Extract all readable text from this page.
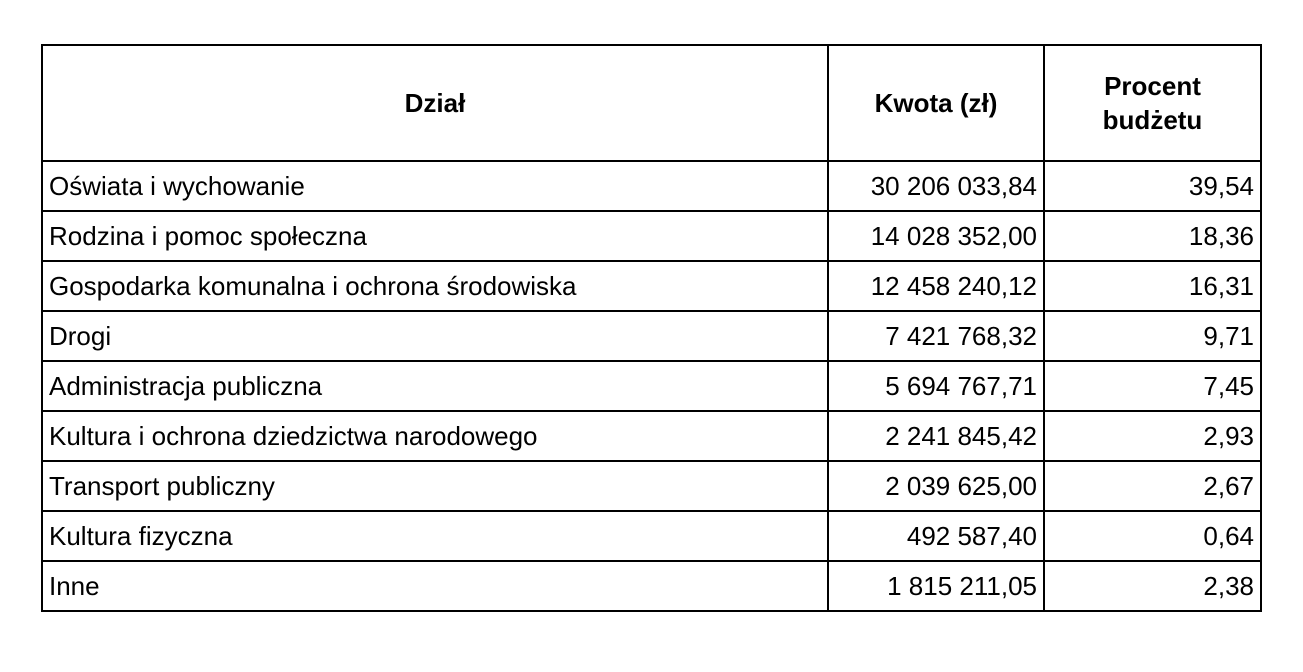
Dział	Kwota (zł)	Procent
budżetu

Oświata i wychowanie	30 206 033,84	39,54
Rodzina i pomoc społeczna	14 028 352,00	18,36
Gospodarka komunalna i ochrona środowiska	12 458 240,12	16,31
Drogi	7 421 768,32	9,71
Administracja publiczna	5 694 767,71	7,45
Kultura i ochrona dziedzictwa narodowego	2 241 845,42	2,93
Transport publiczny	2 039 625,00	2,67
Kultura fizyczna	492 587,40	0,64
Inne	1 815 211,05	2,38
